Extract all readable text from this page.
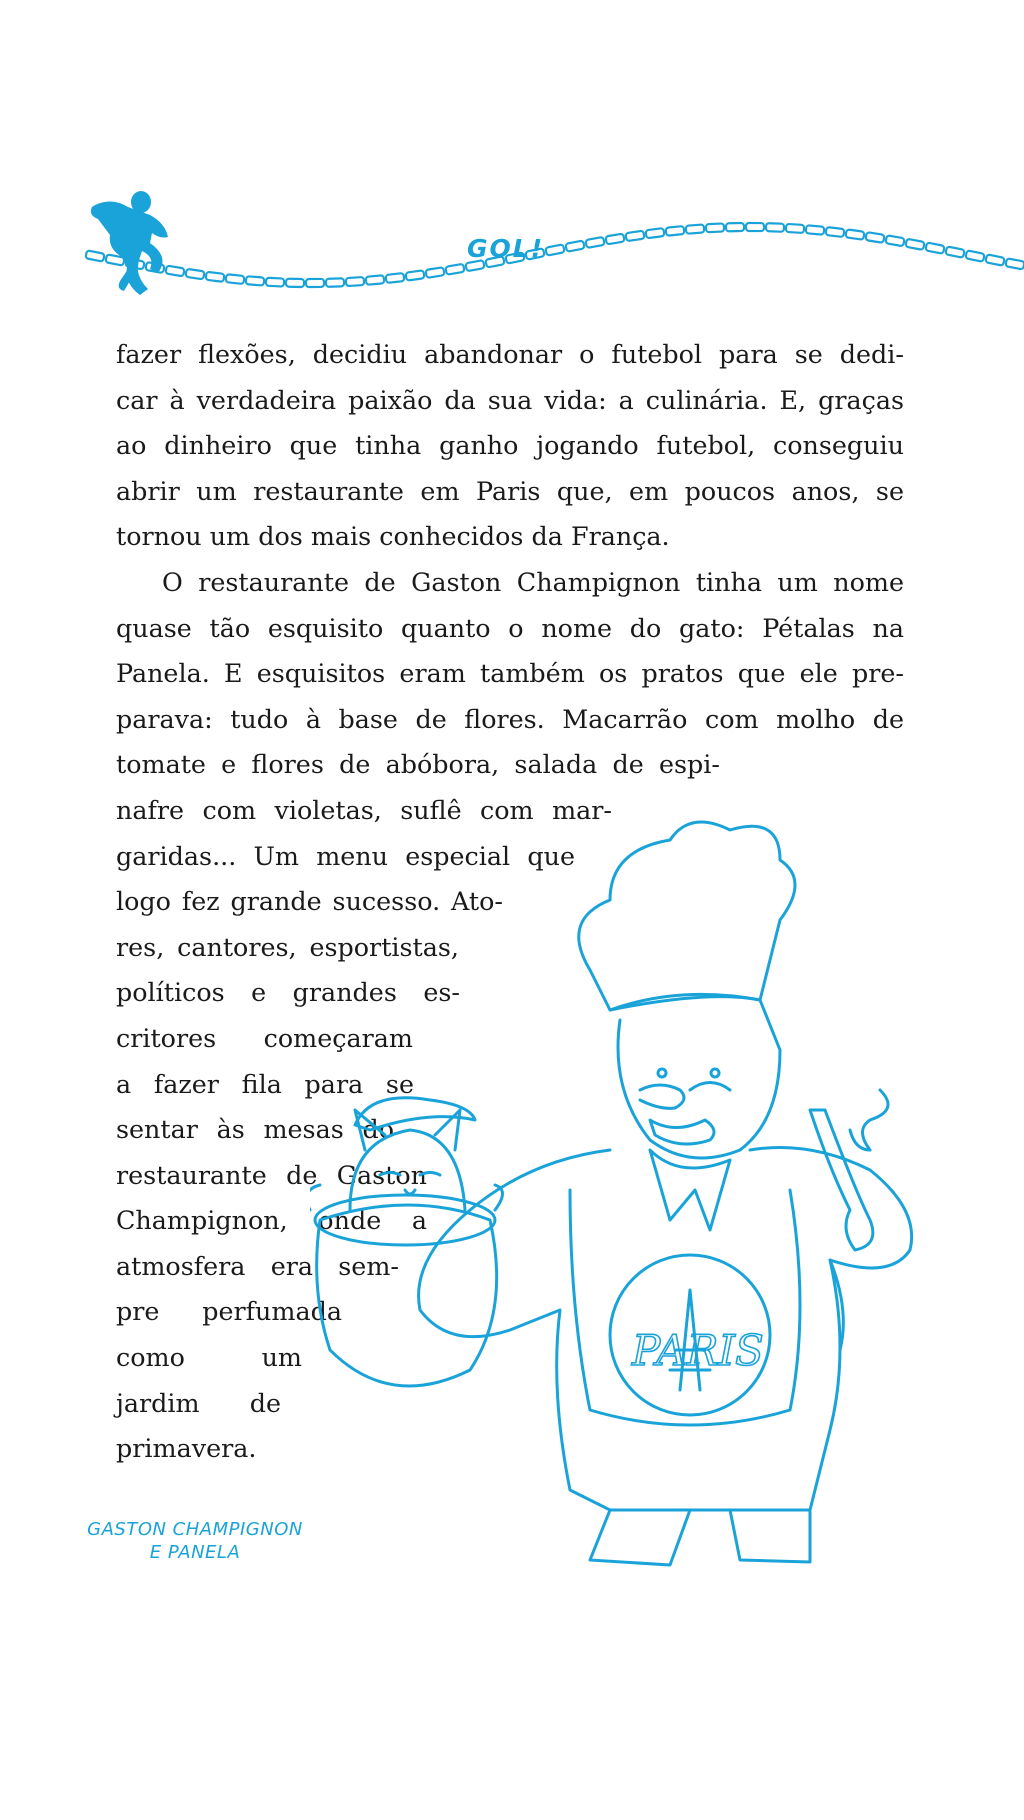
GOL!

fazer flexões, decidiu abandonar o futebol para se dedi-
car à verdadeira paixão da sua vida: a culinária. E, graças
ao dinheiro que tinha ganho jogando futebol, conseguiu
abrir um restaurante em Paris que, em poucos anos, se
tornou um dos mais conhecidos da França.

O restaurante de Gaston Champignon tinha um nome
quase tão esquisito quanto o nome do gato: Pétalas na
Panela. E esquisitos eram também os pratos que ele pre-
parava: tudo à base de flores. Macarrão com molho de
tomate e flores de abóbora, salada de espi-
nafre com violetas, suflê com mar-
garidas... Um menu especial que
logo fez grande sucesso. Ato-
res, cantores, esportistas,
políticos e grandes es-
critores começaram
a fazer fila para se
sentar às mesas do
restaurante de Gaston
Champignon, onde a
atmosfera era sem-
pre perfumada
como um
jardim de
primavera.
PARIS
GASTON CHAMPIGNON
E PANELA
